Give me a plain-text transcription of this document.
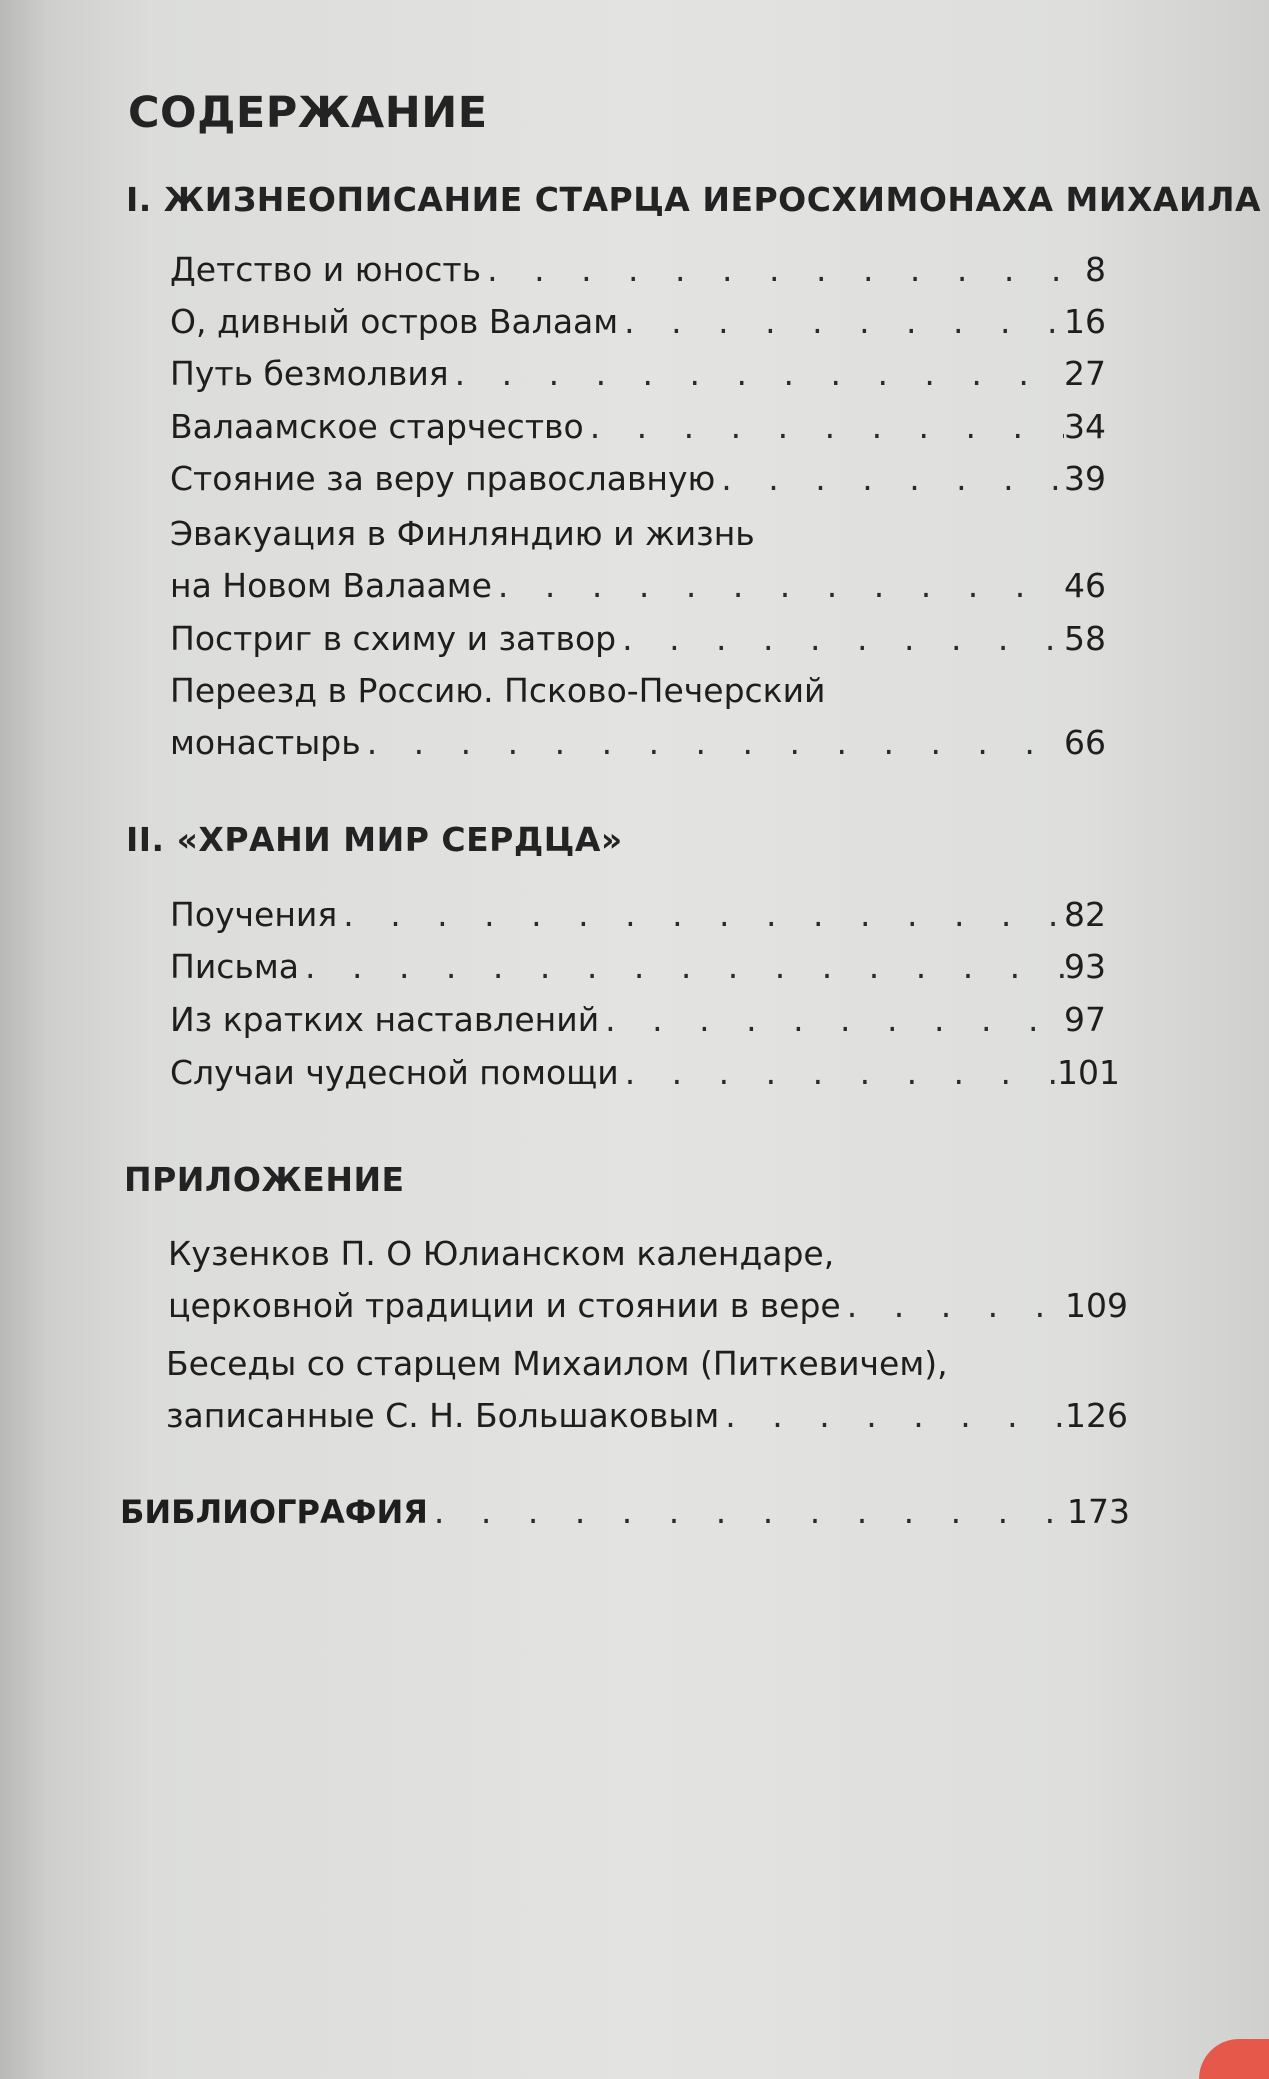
СОДЕРЖАНИЕ
I. ЖИЗНЕОПИСАНИЕ СТАРЦА ИЕРОСХИМОНАХА МИХАИЛА
Детство и юность . . .	8
О, дивный остров Валаам . . .	16
Путь безмолвия . . .	27
Валаамское старчество . . .	34
Стояние за веру православную . . .	39
Эвакуация в Финляндию и жизнь
на Новом Валааме . . .	46
Постриг в схиму и затвор . . .	58
Переезд в Россию. Псково-Печерский
монастырь . . .	66
II. «ХРАНИ МИР СЕРДЦА»
Поучения . . .	82
Письма . . .	93
Из кратких наставлений . . .	97
Случаи чудесной помощи . . .	101
ПРИЛОЖЕНИЕ
Кузенков П. О Юлианском календаре,
церковной традиции и стоянии в вере . . .	109
Беседы со старцем Михаилом (Питкевичем),
записанные С. Н. Большаковым . . .	126
БИБЛИОГРАФИЯ . . .	173
